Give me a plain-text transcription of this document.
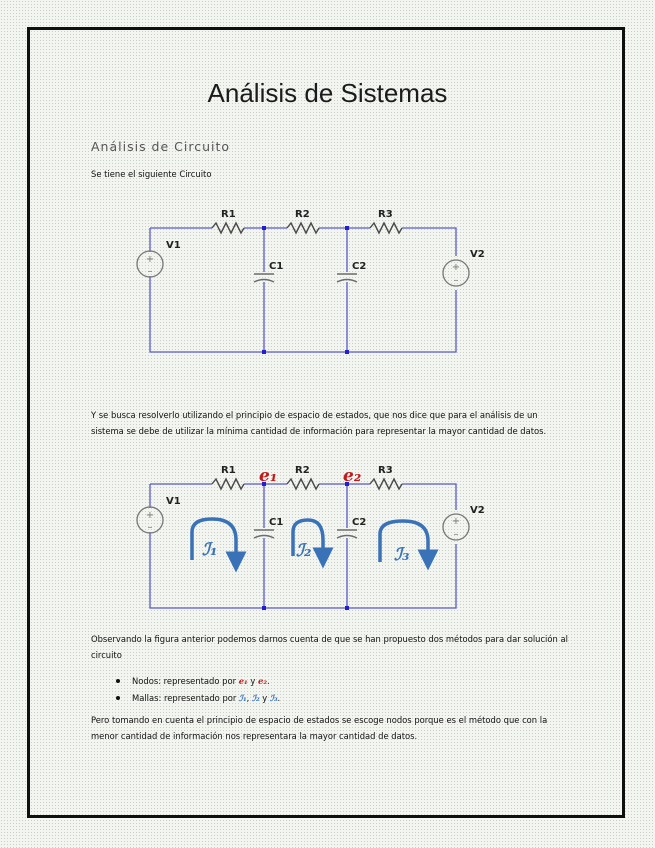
Análisis de Sistemas
Análisis de Circuito
Se tiene el siguiente Circuito
+
–	+
–
R1	R2	R3
C1	C2
V1
V2
+
–
+
–
R1	R2	R3
C1	C2
V1
V2
e₁	e₂
ℐ₁	ℐ₂	ℐ₃
Y se busca resolverlo utilizando el principio de espacio de estados, que nos dice que para el análisis de un sistema se debe de utilizar la mínima cantidad de información para representar la mayor cantidad de datos.
Observando la figura anterior podemos darnos cuenta de que se han propuesto dos métodos para dar solución al circuito
Nodos: representado por e₁ y e₂.
Mallas: representado por ℐ₁, ℐ₂ y ℐ₃.
Pero tomando en cuenta el principio de espacio de estados se escoge nodos porque es el método que con la menor cantidad de información nos representara la mayor cantidad de datos.
